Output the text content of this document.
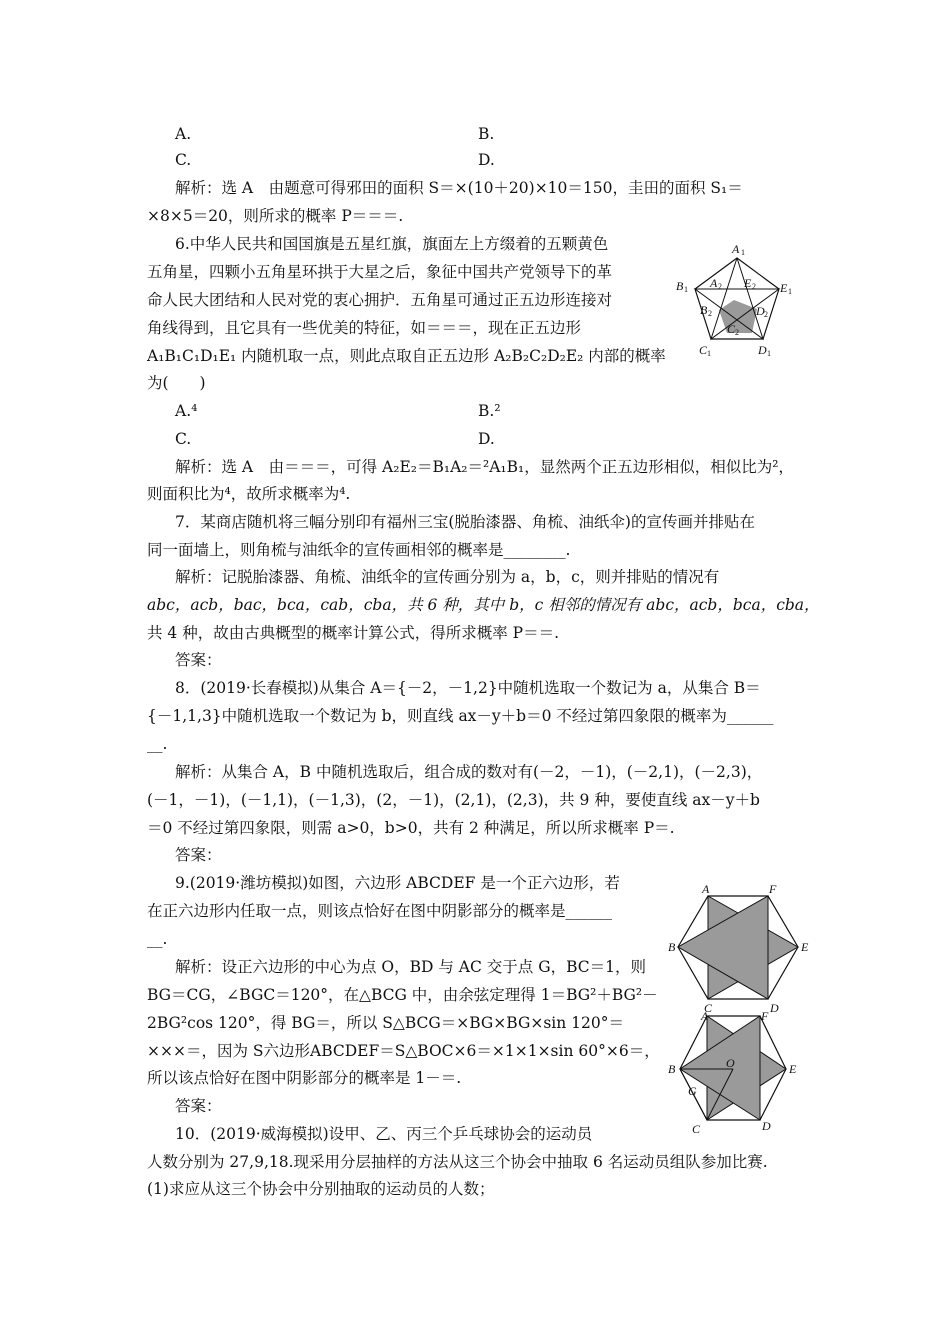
A.	B.
C.	D.
解析：选 A　由题意可得邪田的面积 S＝×(10＋20)×10＝150，圭田的面积 S₁＝
×8×5＝20，则所求的概率 P＝＝＝.
6.中华人民共和国国旗是五星红旗，旗面左上方缀着的五颗黄色
五角星，四颗小五角星环拱于大星之后，象征中国共产党领导下的革
命人民大团结和人民对党的衷心拥护．五角星可通过正五边形连接对
角线得到，且它具有一些优美的特征，如＝＝＝，现在正五边形
A₁B₁C₁D₁E₁ 内随机取一点，则此点取自正五边形 A₂B₂C₂D₂E₂ 内部的概率
为(　　)
A.⁴	B.²
C.	D.
解析：选 A　由＝＝＝，可得 A₂E₂＝B₁A₂＝²A₁B₁，显然两个正五边形相似，相似比为²，
则面积比为⁴，故所求概率为⁴.
A 1
B 1	E 1
C 1	D 1
A 2 E 2
B 2	D 2
C 2
7．某商店随机将三幅分别印有福州三宝(脱胎漆器、角梳、油纸伞)的宣传画并排贴在
同一面墙上，则角梳与油纸伞的宣传画相邻的概率是________.
解析：记脱胎漆器、角梳、油纸伞的宣传画分别为 a，b，c，则并排贴的情况有
abc，acb，bac，bca，cab，cba，共 6 种，其中 b，c 相邻的情况有 abc，acb，bca，cba，
共 4 种，故由古典概型的概率计算公式，得所求概率 P＝＝.
答案：
8．(2019·长春模拟)从集合 A＝{－2，－1,2}中随机选取一个数记为 a，从集合 B＝
{－1,1,3}中随机选取一个数记为 b，则直线 ax－y＋b＝0 不经过第四象限的概率为______
__.
解析：从集合 A，B 中随机选取后，组合成的数对有(－2，－1)，(－2,1)，(－2,3)，
(－1，－1)，(－1,1)，(－1,3)，(2，－1)，(2,1)，(2,3)，共 9 种，要使直线 ax－y＋b
＝0 不经过第四象限，则需 a>0，b>0，共有 2 种满足，所以所求概率 P＝.
答案：
9.(2019·潍坊模拟)如图，六边形 ABCDEF 是一个正六边形，若
在正六边形内任取一点，则该点恰好在图中阴影部分的概率是______
__.
解析：设正六边形的中心为点 O，BD 与 AC 交于点 G，BC＝1，则
BG＝CG，∠BGC＝120°，在△BCG 中，由余弦定理得 1＝BG²＋BG²－
2BG²cos 120°，得 BG＝，所以 S△BCG＝×BG×BG×sin 120°＝
×××＝，因为 S六边形ABCDEF＝S△BOC×6＝×1×1×sin 60°×6＝，
所以该点恰好在图中阴影部分的概率是 1－＝.
答案：
A	F
B	E
C	D
A	F
B	O	E
G
C	D
10．(2019·威海模拟)设甲、乙、丙三个乒乓球协会的运动员
人数分别为 27,9,18.现采用分层抽样的方法从这三个协会中抽取 6 名运动员组队参加比赛.
(1)求应从这三个协会中分别抽取的运动员的人数；
